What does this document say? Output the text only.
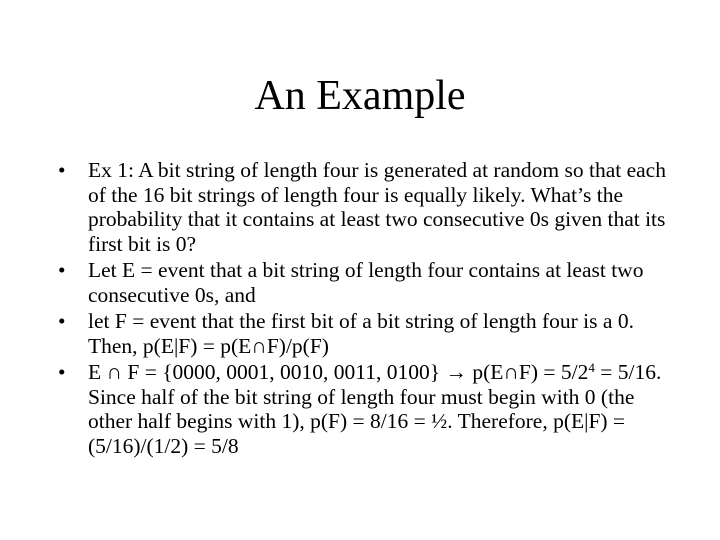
An Example
•	Ex 1: A bit string of length four is generated at random so that each of the 16 bit strings of length four is equally likely. What’s the probability that it contains at least two consecutive 0s given that its first bit is 0?
•	Let E = event that a bit string of length four contains at least two consecutive 0s, and
•	let F = event that the first bit of a bit string of length four is a 0. Then, p(E|F) = p(E∩F)/p(F)
•	E ∩ F = {0000, 0001, 0010, 0011, 0100} → p(E∩F) = $5/2^4 = 5/16$. Since half of the bit string of length four must begin with 0 (the other half begins with 1), p(F) = 8/16 = ½. Therefore, p(E|F) = (5/16)/(1/2) = 5/8
